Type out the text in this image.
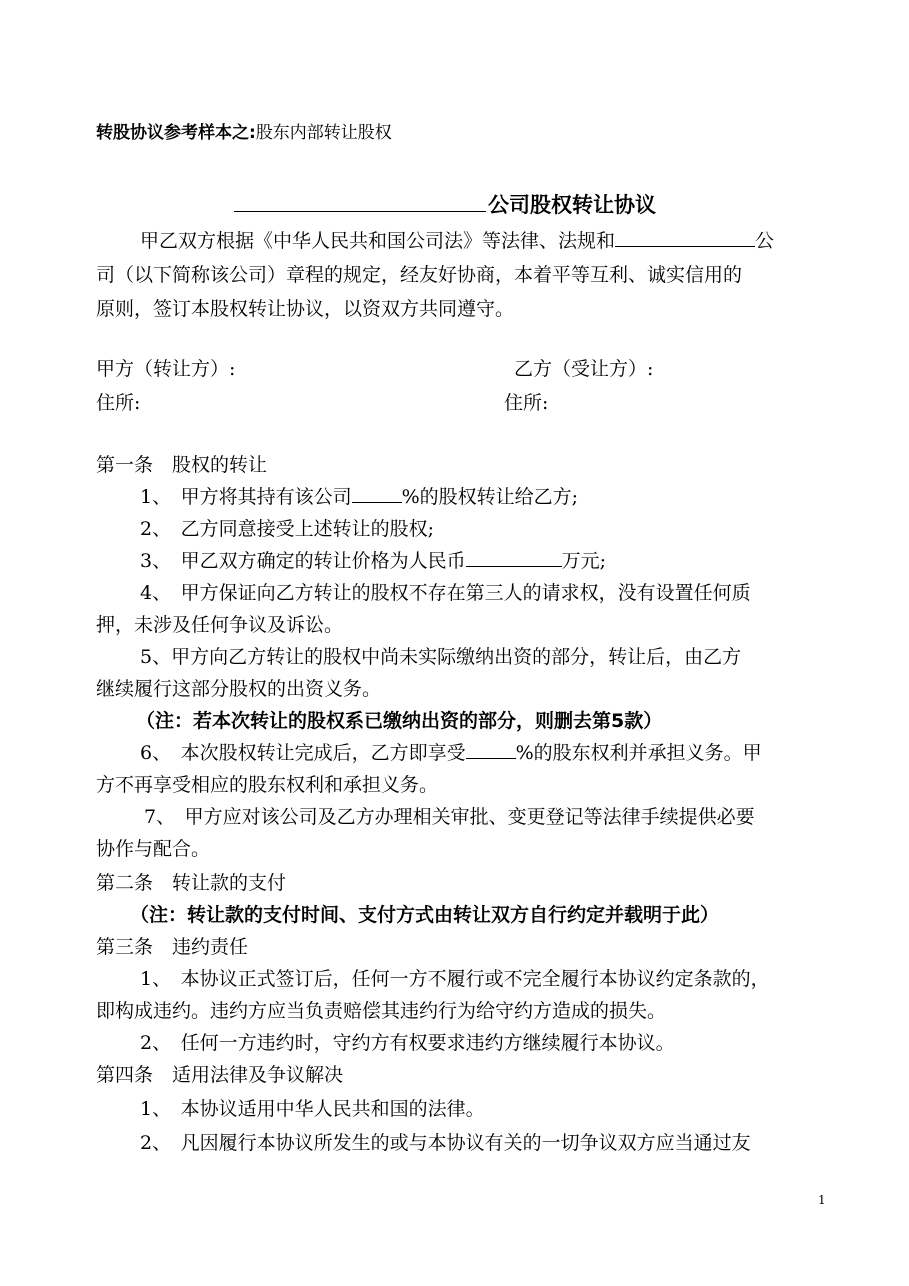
转股协议参考样本之:股东内部转让股权
公司股权转让协议
甲乙双方根据《中华人民共和国公司法》等法律、法规和	公
司（以下简称该公司）章程的规定，经友好协商，本着平等互利、诚实信用的
原则，签订本股权转让协议，以资双方共同遵守。
甲方（转让方）:	乙方（受让方）:
住所:	住所:
第一条　股权的转让
1、　甲方将其持有该公司	%的股权转让给乙方;
2、　乙方同意接受上述转让的股权;
3、　甲乙双方确定的转让价格为人民币	万元;
4、　甲方保证向乙方转让的股权不存在第三人的请求权，没有设置任何质
押，未涉及任何争议及诉讼。
5、甲方向乙方转让的股权中尚未实际缴纳出资的部分，转让后，由乙方
继续履行这部分股权的出资义务。
（注：若本次转让的股权系已缴纳出资的部分，则删去第5款）
6、　本次股权转让完成后，乙方即享受	%的股东权利并承担义务。甲
方不再享受相应的股东权利和承担义务。
7、　甲方应对该公司及乙方办理相关审批、变更登记等法律手续提供必要
协作与配合。
第二条　转让款的支付
（注：转让款的支付时间、支付方式由转让双方自行约定并载明于此）
第三条　违约责任
1、　本协议正式签订后，任何一方不履行或不完全履行本协议约定条款的，
即构成违约。违约方应当负责赔偿其违约行为给守约方造成的损失。
2、　任何一方违约时，守约方有权要求违约方继续履行本协议。
第四条　适用法律及争议解决
1、　本协议适用中华人民共和国的法律。
2、　凡因履行本协议所发生的或与本协议有关的一切争议双方应当通过友
1
